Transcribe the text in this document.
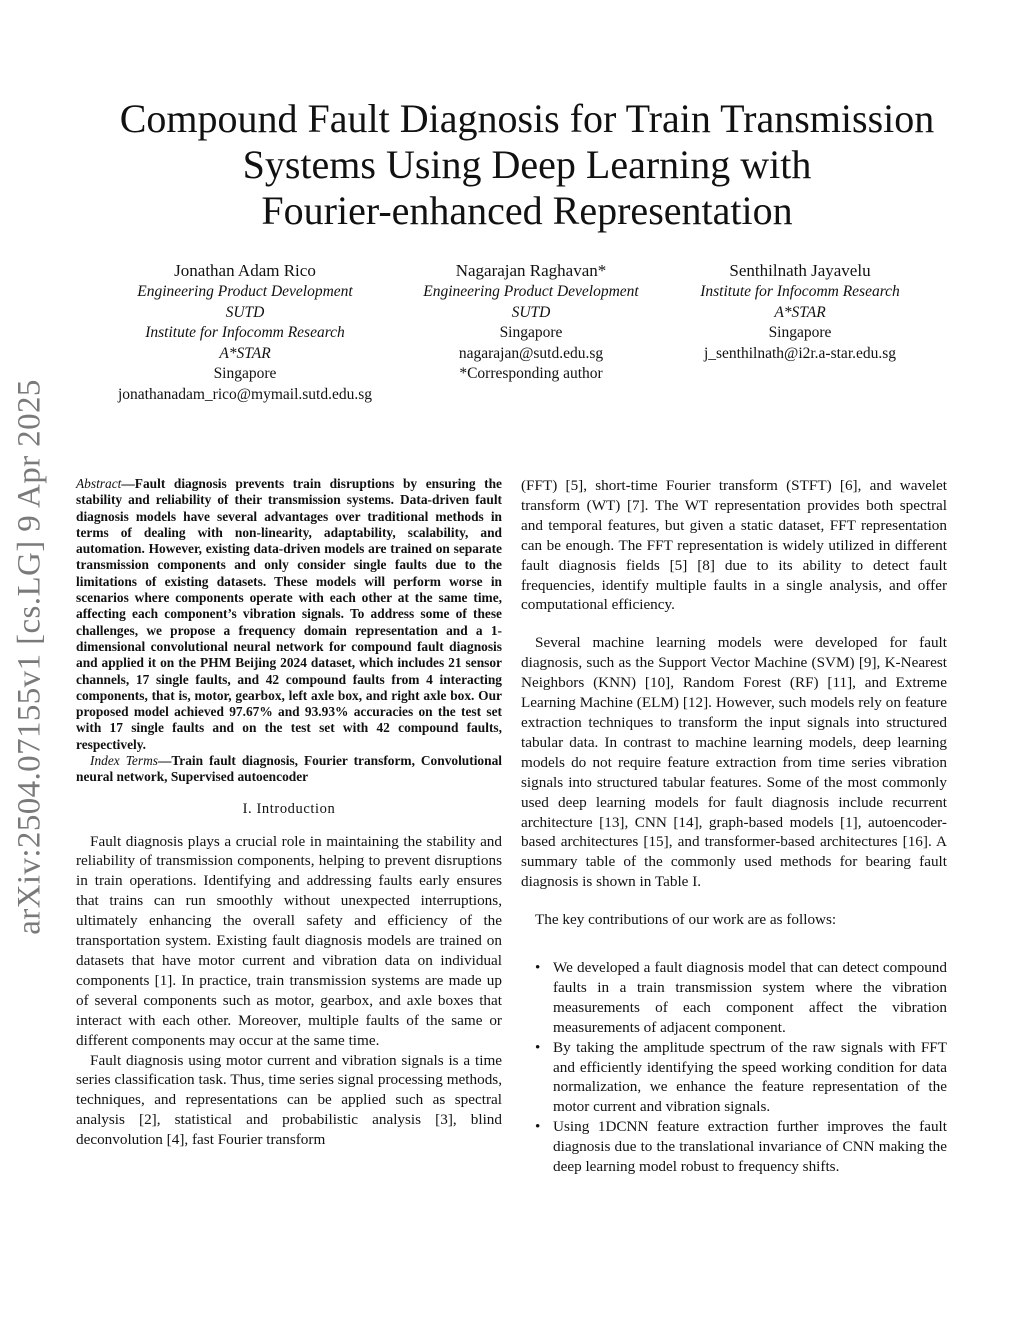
arXiv:2504.07155v1 [cs.LG] 9 Apr 2025
Compound Fault Diagnosis for Train Transmission
Systems Using Deep Learning with
Fourier-enhanced Representation
Jonathan Adam Rico
Engineering Product Development
SUTD
Institute for Infocomm Research
A*STAR
Singapore
jonathanadam_rico@mymail.sutd.edu.sg
Nagarajan Raghavan*
Engineering Product Development
SUTD
Singapore
nagarajan@sutd.edu.sg
*Corresponding author
Senthilnath Jayavelu
Institute for Infocomm Research
A*STAR
Singapore
j_senthilnath@i2r.a-star.edu.sg

Abstract—Fault diagnosis prevents train disruptions by ensuring the stability and reliability of their transmission systems. Data-driven fault diagnosis models have several advantages over traditional methods in terms of dealing with non-linearity, adaptability, scalability, and automation. However, existing data-driven models are trained on separate transmission components and only consider single faults due to the limitations of existing datasets. These models will perform worse in scenarios where components operate with each other at the same time, affecting each component’s vibration signals. To address some of these challenges, we propose a frequency domain representation and a 1-dimensional convolutional neural network for compound fault diagnosis and applied it on the PHM Beijing 2024 dataset, which includes 21 sensor channels, 17 single faults, and 42 compound faults from 4 interacting components, that is, motor, gearbox, left axle box, and right axle box. Our proposed model achieved 97.67% and 93.93% accuracies on the test set with 17 single faults and on the test set with 42 compound faults, respectively.

Index Terms—Train fault diagnosis, Fourier transform, Convolutional neural network, Supervised autoencoder

I. Introduction

Fault diagnosis plays a crucial role in maintaining the stability and reliability of transmission components, helping to prevent disruptions in train operations. Identifying and addressing faults early ensures that trains can run smoothly without unexpected interruptions, ultimately enhancing the overall safety and efficiency of the transportation system. Existing fault diagnosis models are trained on datasets that have motor current and vibration data on individual components [1]. In practice, train transmission systems are made up of several components such as motor, gearbox, and axle boxes that interact with each other. Moreover, multiple faults of the same or different components may occur at the same time.

Fault diagnosis using motor current and vibration signals is a time series classification task. Thus, time series signal processing methods, techniques, and representations can be applied such as spectral analysis [2], statistical and probabilistic analysis [3], blind deconvolution [4], fast Fourier transform

(FFT) [5], short-time Fourier transform (STFT) [6], and wavelet transform (WT) [7]. The WT representation provides both spectral and temporal features, but given a static dataset, FFT representation can be enough. The FFT representation is widely utilized in different fault diagnosis fields [5] [8] due to its ability to detect fault frequencies, identify multiple faults in a single analysis, and offer computational efficiency.

Several machine learning models were developed for fault diagnosis, such as the Support Vector Machine (SVM) [9], K-Nearest Neighbors (KNN) [10], Random Forest (RF) [11], and Extreme Learning Machine (ELM) [12]. However, such models rely on feature extraction techniques to transform the input signals into structured tabular data. In contrast to machine learning models, deep learning models do not require feature extraction from time series vibration signals into structured tabular features. Some of the most commonly used deep learning models for fault diagnosis include recurrent architecture [13], CNN [14], graph-based models [1], autoencoder-based architectures [15], and transformer-based architectures [16]. A summary table of the commonly used methods for bearing fault diagnosis is shown in Table I.

The key contributions of our work are as follows:

• We developed a fault diagnosis model that can detect compound faults in a train transmission system where the vibration measurements of each component affect the vibration measurements of adjacent component.
• By taking the amplitude spectrum of the raw signals with FFT and efficiently identifying the speed working condition for data normalization, we enhance the feature representation of the motor current and vibration signals.
• Using 1DCNN feature extraction further improves the fault diagnosis due to the translational invariance of CNN making the deep learning model robust to frequency shifts.
